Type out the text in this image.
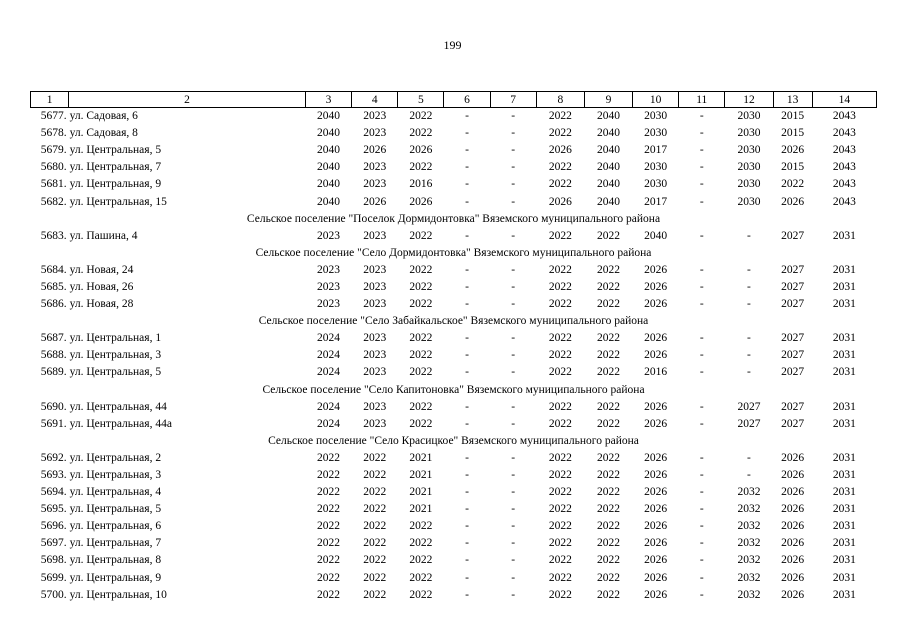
199
1	2	3	4	5	6	7	8	9	10	11	12	13	14
5677.	ул. Садовая, 6	2040	2023	2022	-	-	2022	2040	2030	-	2030	2015	2043
5678.	ул. Садовая, 8	2040	2023	2022	-	-	2022	2040	2030	-	2030	2015	2043
5679.	ул. Центральная, 5	2040	2026	2026	-	-	2026	2040	2017	-	2030	2026	2043
5680.	ул. Центральная, 7	2040	2023	2022	-	-	2022	2040	2030	-	2030	2015	2043
5681.	ул. Центральная, 9	2040	2023	2016	-	-	2022	2040	2030	-	2030	2022	2043
5682.	ул. Центральная, 15	2040	2026	2026	-	-	2026	2040	2017	-	2030	2026	2043
Сельское поселение "Поселок Дормидонтовка" Вяземского муниципального района													
5683.	ул. Пашина, 4	2023	2023	2022	-	-	2022	2022	2040	-	-	2027	2031
Сельское поселение "Село Дормидонтовка" Вяземского муниципального района													
5684.	ул. Новая, 24	2023	2023	2022	-	-	2022	2022	2026	-	-	2027	2031
5685.	ул. Новая, 26	2023	2023	2022	-	-	2022	2022	2026	-	-	2027	2031
5686.	ул. Новая, 28	2023	2023	2022	-	-	2022	2022	2026	-	-	2027	2031
Сельское поселение "Село Забайкальское" Вяземского муниципального района													
5687.	ул. Центральная, 1	2024	2023	2022	-	-	2022	2022	2026	-	-	2027	2031
5688.	ул. Центральная, 3	2024	2023	2022	-	-	2022	2022	2026	-	-	2027	2031
5689.	ул. Центральная, 5	2024	2023	2022	-	-	2022	2022	2016	-	-	2027	2031
Сельское поселение "Село Капитоновка" Вяземского муниципального района													
5690.	ул. Центральная, 44	2024	2023	2022	-	-	2022	2022	2026	-	2027	2027	2031
5691.	ул. Центральная, 44а	2024	2023	2022	-	-	2022	2022	2026	-	2027	2027	2031
Сельское поселение "Село Красицкое" Вяземского муниципального района													
5692.	ул. Центральная, 2	2022	2022	2021	-	-	2022	2022	2026	-	-	2026	2031
5693.	ул. Центральная, 3	2022	2022	2021	-	-	2022	2022	2026	-	-	2026	2031
5694.	ул. Центральная, 4	2022	2022	2021	-	-	2022	2022	2026	-	2032	2026	2031
5695.	ул. Центральная, 5	2022	2022	2021	-	-	2022	2022	2026	-	2032	2026	2031
5696.	ул. Центральная, 6	2022	2022	2022	-	-	2022	2022	2026	-	2032	2026	2031
5697.	ул. Центральная, 7	2022	2022	2022	-	-	2022	2022	2026	-	2032	2026	2031
5698.	ул. Центральная, 8	2022	2022	2022	-	-	2022	2022	2026	-	2032	2026	2031
5699.	ул. Центральная, 9	2022	2022	2022	-	-	2022	2022	2026	-	2032	2026	2031
5700.	ул. Центральная, 10	2022	2022	2022	-	-	2022	2022	2026	-	2032	2026	2031
